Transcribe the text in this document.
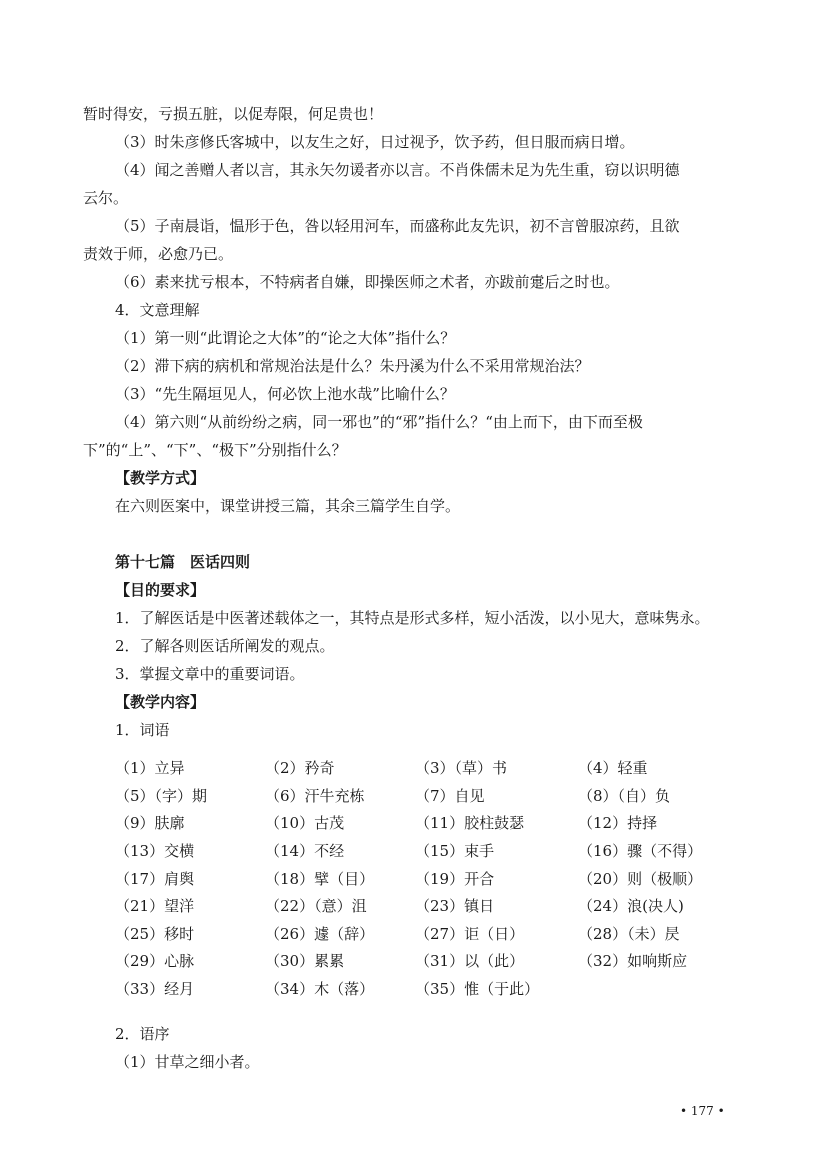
暂时得安，亏损五脏，以促寿限，何足贵也！
（3）时朱彦修氏客城中，以友生之好，日过视予，饮予药，但日服而病日增。
（4）闻之善赠人者以言，其永矢勿谖者亦以言。不肖侏儒未足为先生重，窃以识明德
云尔。
（5）子南晨诣，愠形于色，咎以轻用河车，而盛称此友先识，初不言曾服凉药，且欲
责效于师，必愈乃已。
（6）素来扰亏根本，不特病者自嫌，即操医师之术者，亦跋前疐后之时也。
4．文意理解
（1）第一则“此谓论之大体”的“论之大体”指什么？
（2）滞下病的病机和常规治法是什么？朱丹溪为什么不采用常规治法？
（3）“先生隔垣见人，何必饮上池水哉”比喻什么？
（4）第六则“从前纷纷之病，同一邪也”的“邪”指什么？“由上而下，由下而至极
下”的“上”、“下”、“极下”分别指什么？
【教学方式】
在六则医案中，课堂讲授三篇，其余三篇学生自学。
第十七篇　医话四则
【目的要求】
1．了解医话是中医著述载体之一，其特点是形式多样，短小活泼，以小见大，意味隽永。
2．了解各则医话所阐发的观点。
3．掌握文章中的重要词语。
【教学内容】
1．词语
（1）立异	（2）矜奇	（3）（草）书	（4）轻重
（5）（字）期	（6）汗牛充栋	（7）自见	（8）（自）负
（9）肤廓	（10）古茂	（11）胶柱鼓瑟	（12）持择
（13）交横	（14）不经	（15）束手	（16）骤（不得）
（17）肩舆	（18）擘（目）	（19）开合	（20）则（极顺）
（21）望洋	（22）（意）沮	（23）镇日	（24）浪(决人)
（25）移时	（26）遽（辞）	（27）讵（日）	（28）（未）昃
（29）心脉	（30）累累	（31）以（此）	（32）如响斯应
（33）经月	（34）木（落）	（35）惟（于此）
2．语序
（1）甘草之细小者。
• 177 •
